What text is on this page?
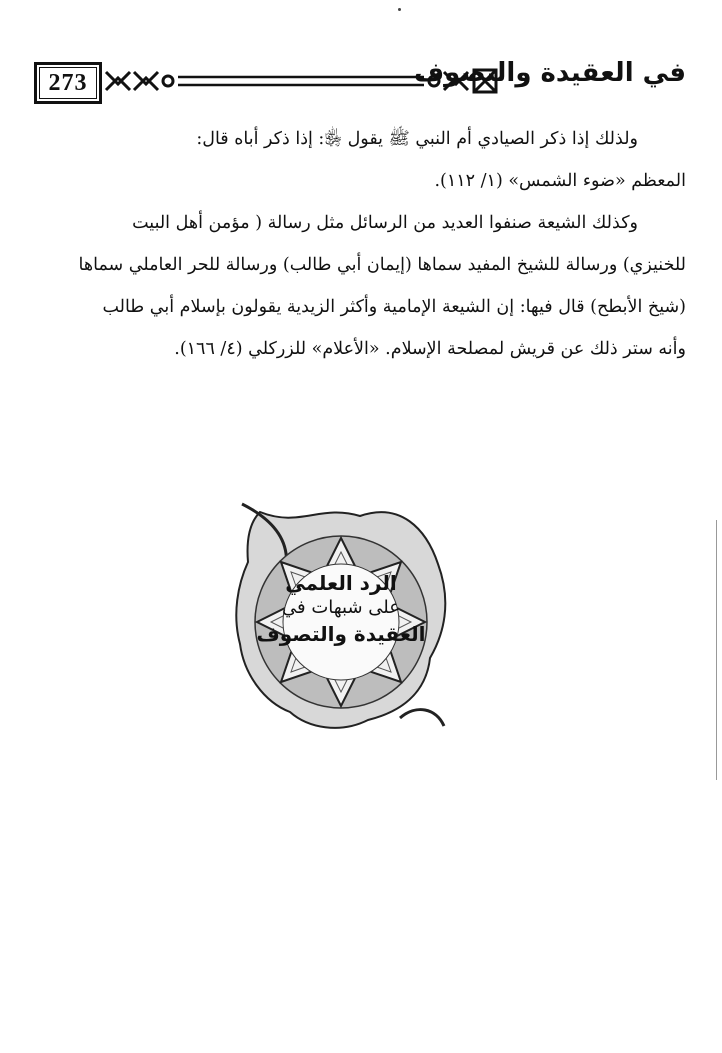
273	في العقيدة والتصوف

ولذلك إذا ذكر الصيادي أم النبي ﷺ يقول ﵂: إذا ذكر أباه قال:
المعظم «ضوء الشمس» (١/ ١١٢).

وكذلك الشيعة صنفوا العديد من الرسائل مثل رسالة ( مؤمن أهل البيت
للخنيزي) ورسالة للشيخ المفيد سماها (إيمان أبي طالب) ورسالة للحر العاملي سماها
(شيخ الأبطح) قال فيها: إن الشيعة الإمامية وأكثر الزيدية يقولون بإسلام أبي طالب
وأنه ستر ذلك عن قريش لمصلحة الإسلام. «الأعلام» للزركلي (٤/ ١٦٦).

الرد العلمي
على شبهات في
العقيدة والتصوف
